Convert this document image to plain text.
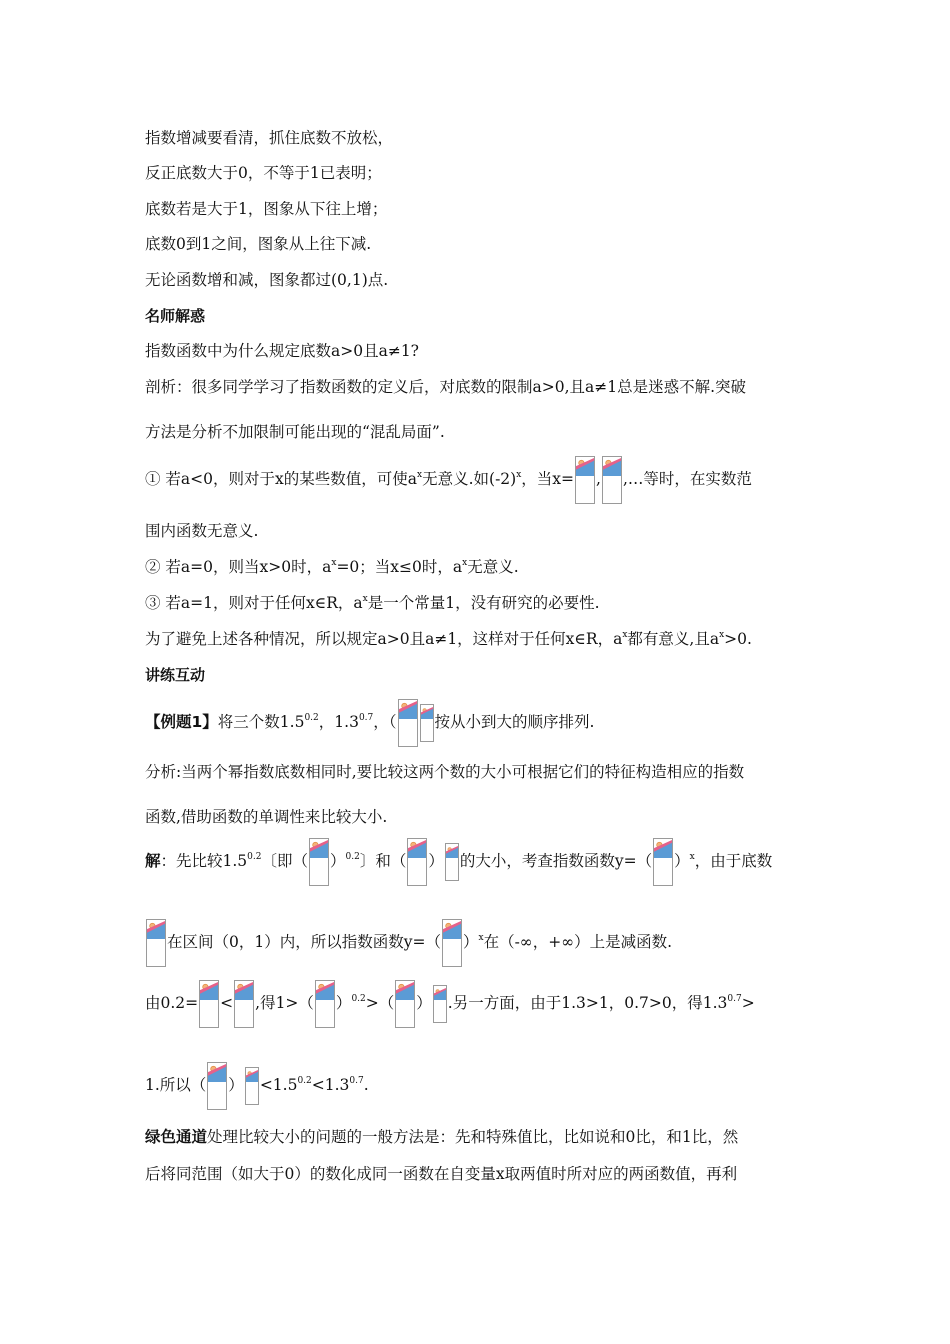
指数增减要看清，抓住底数不放松，
反正底数大于0，不等于1已表明；
底数若是大于1，图象从下往上增；
底数0到1之间，图象从上往下减.
无论函数增和减，图象都过(0,1)点.
名师解惑
指数函数中为什么规定底数a>0且a≠1?
剖析：很多同学学习了指数函数的定义后，对底数的限制a>0,且a≠1总是迷惑不解.突破
方法是分析不加限制可能出现的“混乱局面”.
① 若a<0，则对于x的某些数值，可使$a^x$无意义.如$(-2)^x$，当x= , ,…等时，在实数范
围内函数无意义.
② 若a=0，则当x>0时，$a^x=0$；当x≤0时，$a^x$无意义.
③ 若a=1，则对于任何x∈R，$a^x$是一个常量1，没有研究的必要性.
为了避免上述各种情况，所以规定a>0且a≠1，这样对于任何x∈R，$a^x$都有意义,且$a^x>0$.
讲练互动
【例题1】将三个数$1.5^{0.2}$，$1.3^{0.7}$，（ 按从小到大的顺序排列.
分析:当两个幂指数底数相同时,要比较这两个数的大小可根据它们的特征构造相应的指数
函数,借助函数的单调性来比较大小.
解：先比较$1.5^{0.2}$〔即（ ）$^{0.2}$〕和（ ） 的大小，考查指数函数y=（ ）$^x$，由于底数
在区间（0，1）内，所以指数函数y=（ ）$^x$在（-∞，+∞）上是减函数.
由0.2= < ,得1>（ ）$^{0.2}$>（ ） .另一方面，由于1.3>1，0.7>0，得$1.3^{0.7}>$
1.所以（ ） $<1.5^{0.2}<1.3^{0.7}$.
绿色通道处理比较大小的问题的一般方法是：先和特殊值比，比如说和0比，和1比，然
后将同范围（如大于0）的数化成同一函数在自变量x取两值时所对应的两函数值，再利
